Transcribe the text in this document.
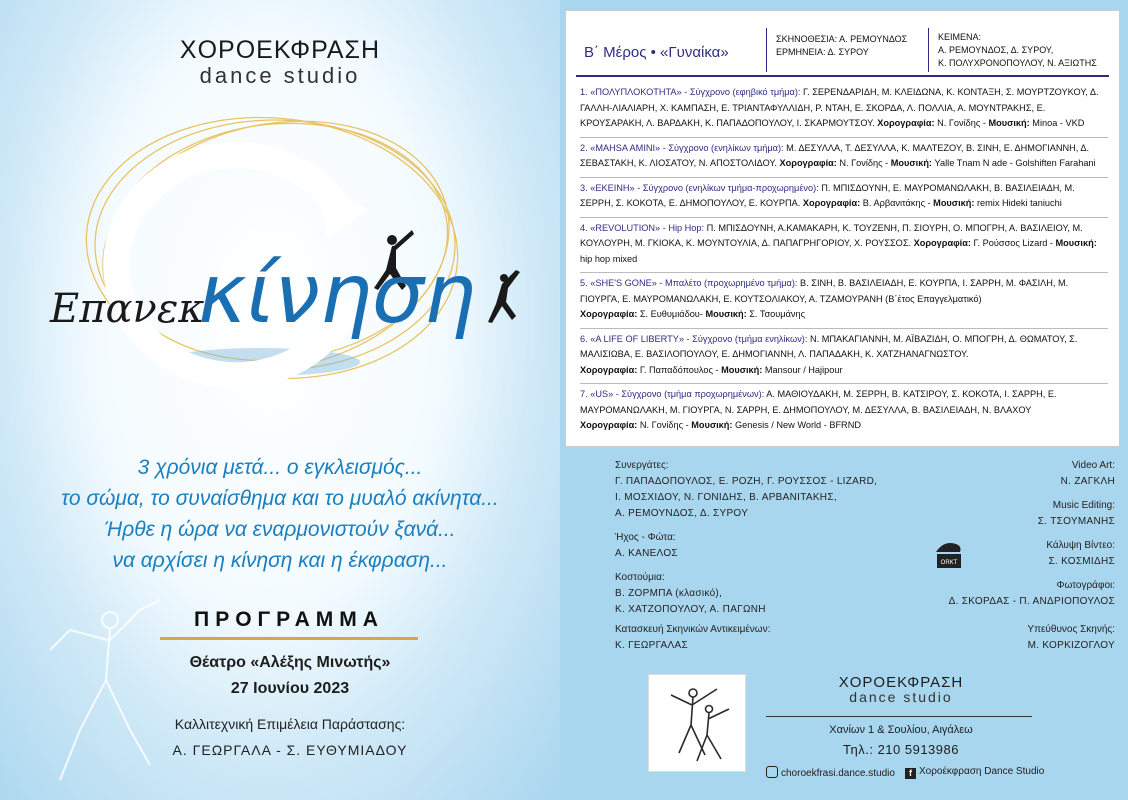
ΧΟΡΟΕΚΦΡΑΣΗ
dance studio
Επανεκ
κίνηση
3 χρόνια μετά... ο εγκλεισμός...
το σώμα, το συναίσθημα και το μυαλό ακίνητα...
Ήρθε η ώρα να εναρμονιστούν ξανά...
να αρχίσει η κίνηση και η έκφραση...
ΠΡΟΓΡΑΜΜΑ
Θέατρο «Αλέξης Μινωτής»
27 Ιουνίου 2023
Καλλιτεχνική Επιμέλεια Παράστασης:
Α. ΓΕΩΡΓΑΛΑ - Σ. ΕΥΘΥΜΙΑΔΟΥ
Β΄ Μέρος • «Γυναίκα»
ΣΚΗΝΟΘΕΣΙΑ: Α. ΡΕΜΟΥΝΔΟΣ
ΕΡΜΗΝΕΙΑ: Δ. ΣΥΡΟΥ
ΚΕΙΜΕΝΑ:
Α. ΡΕΜΟΥΝΔΟΣ, Δ. ΣΥΡΟΥ,
Κ. ΠΟΛΥΧΡΟΝΟΠΟΥΛΟΥ, Ν. ΑΞΙΩΤΗΣ
1. «ΠΟΛΥΠΛΟΚΟΤΗΤΑ» - Σύγχρονο (εφηβικό τμήμα): Γ. ΣΕΡΕΝΔΑΡΙΔΗ, Μ. ΚΛΕΙΔΩΝΑ, Κ. ΚΟΝΤΑΞΗ, Σ. ΜΟΥΡΤΖΟΥΚΟΥ, Δ. ΓΑΛΛΗ-ΛΙΑΛΙΑΡΗ, Χ. ΚΑΜΠΑΣΗ, Ε. ΤΡΙΑΝΤΑΦΥΛΛΙΔΗ, Ρ. ΝΤΑΗ, Ε. ΣΚΟΡΔΑ, Λ. ΠΟΛΛΙΑ, Α. ΜΟΥΝΤΡΑΚΗΣ, Ε. ΚΡΟΥΣΑΡΑΚΗ, Λ. ΒΑΡΔΑΚΗ, Κ. ΠΑΠΑΔΟΠΟΥΛΟΥ, Ι. ΣΚΑΡΜΟΥΤΣΟΥ. Χορογραφία: Ν. Γονίδης - Μουσική: Minoa - VKD
2. «MAHSA AMINI» - Σύγχρονο (ενηλίκων τμήμα): Μ. ΔΕΣΥΛΛΑ, Τ. ΔΕΣΥΛΛΑ, Κ. ΜΑΛΤΕΖΟΥ, Β. ΣΙΝΗ, Ε. ΔΗΜΟΓΙΑΝΝΗ, Δ. ΣΕΒΑΣΤΑΚΗ, Κ. ΛΙΟΣΑΤΟΥ, Ν. ΑΠΟΣΤΟΛΙΔΟΥ. Χορογραφία: Ν. Γονίδης - Μουσική: Yalle Tnam N ade - Golshiften Farahani
3. «ΕΚΕΙΝΗ» - Σύγχρονο (ενηλίκων τμήμα-προχωρημένο): Π. ΜΠΙΣΔΟΥΝΗ, Ε. ΜΑΥΡΟΜΑΝΩΛΑΚΗ, Β. ΒΑΣΙΛΕΙΑΔΗ, Μ. ΣΕΡΡΗ, Σ. ΚΟΚΟΤΑ, Ε. ΔΗΜΟΠΟΥΛΟΥ, Ε. ΚΟΥΡΠΑ. Χορογραφία: Β. Αρβανιτάκης - Μουσική: remix Hideki taniuchi
4. «REVOLUTION» - Hip Hop: Π. ΜΠΙΣΔΟΥΝΗ, Α.ΚΑΜΑΚΑΡΗ, Κ. ΤΟΥΖΕΝΗ, Π. ΣΙΟΥΡΗ, Ο. ΜΠΟΓΡΗ, Α. ΒΑΣΙΛΕΙΟΥ, Μ. ΚΟΥΛΟΥΡΗ, Μ. ΓΚΙΟΚΑ, Κ. ΜΟΥΝΤΟΥΛΙΑ, Δ. ΠΑΠΑΓΡΗΓΟΡΙΟΥ, Χ. ΡΟΥΣΣΟΣ. Χορογραφία: Γ. Ρούσσος Lizard - Μουσική: hip hop mixed
5. «SHE'S GONE» - Μπαλέτο (προχωρημένο τμήμα): Β. ΣΙΝΗ, Β. ΒΑΣΙΛΕΙΑΔΗ, Ε. ΚΟΥΡΠΑ, Ι. ΣΑΡΡΗ, Μ. ΦΑΣΙΛΗ, Μ. ΓΙΟΥΡΓΑ, Ε. ΜΑΥΡΟΜΑΝΩΛΑΚΗ, Ε. ΚΟΥΤΣΟΛΙΑΚΟΥ, Α. ΤΖΑΜΟΥΡΑΝΗ (Β΄έτος Επαγγελματικό)
Χορογραφία: Σ. Ευθυμιάδου- Μουσική: Σ. Τσουμάνης
6. «A LIFE OF LIBERTY» - Σύγχρονο (τμήμα ενηλίκων): Ν. ΜΠΑΚΑΓΙΑΝΝΗ, Μ. ΑΪΒΑΖΙΔΗ, Ο. ΜΠΟΓΡΗ, Δ. ΘΩΜΑΤΟΥ, Σ. ΜΑΛΙΣΙΩΒΑ, Ε. ΒΑΣΙΛΟΠΟΥΛΟΥ, Ε. ΔΗΜΟΓΙΑΝΝΗ, Λ. ΠΑΠΑΔΑΚΗ, Κ. ΧΑΤΖΗΑΝΑΓΝΩΣΤΟΥ.
Χορογραφία: Γ. Παπαδόπουλος - Μουσική: Mansour / Hajipour
7. «US» - Σύγχρονο (τμήμα προχωρημένων): Α. ΜΑΘΙΟΥΔΑΚΗ, Μ. ΣΕΡΡΗ, Β. ΚΑΤΣΙΡΟΥ, Σ. ΚΟΚΟΤΑ, Ι. ΣΑΡΡΗ, Ε. ΜΑΥΡΟΜΑΝΩΛΑΚΗ, Μ. ΓΙΟΥΡΓΑ, Ν. ΣΑΡΡΗ, Ε. ΔΗΜΟΠΟΥΛΟΥ, Μ. ΔΕΣΥΛΛΑ, Β. ΒΑΣΙΛΕΙΑΔΗ, Ν. ΒΛΑΧΟΥ
Χορογραφία: Ν. Γονίδης - Μουσική: Genesis / New World - BFRND
Συνεργάτες:
Γ. ΠΑΠΑΔΟΠΟΥΛΟΣ, Ε. ΡΟΖΗ, Γ. ΡΟΥΣΣΟΣ - LIZARD,
Ι. ΜΟΣΧΙΔΟΥ, Ν. ΓΟΝΙΔΗΣ, Β. ΑΡΒΑΝΙΤΑΚΗΣ,
Α. ΡΕΜΟΥΝΔΟΣ, Δ. ΣΥΡΟΥ
Ήχος - Φώτα:
Α. ΚΑΝΕΛΟΣ
Κοστούμια:
Β. ΖΟΡΜΠΑ (κλασικό),
Κ. ΧΑΤΖΟΠΟΥΛΟΥ, Α. ΠΑΓΩΝΗ
Κατασκευή Σκηνικών Αντικειμένων:
Κ. ΓΕΩΡΓΑΛΑΣ
Video Art:
Ν. ΖΑΓΚΛΗ
Music Editing:
Σ. ΤΣΟΥΜΑΝΗΣ
Κάλυψη Βίντεο:
Σ. ΚΟΣΜΙΔΗΣ
Φωτογράφοι:
Δ. ΣΚΟΡΔΑΣ - Π. ΑΝΔΡΙΟΠΟΥΛΟΣ
Υπεύθυνος Σκηνής:
Μ. ΚΟΡΚΙΖΟΓΛΟΥ
ORKT
ΧΟΡΟΕΚΦΡΑΣΗ
dance studio
Χανίων 1 & Σουλίου, Αιγάλεω
Τηλ.: 210 5913986
choroekfrasi.dance.studio	f Χοροέκφραση Dance Studio
